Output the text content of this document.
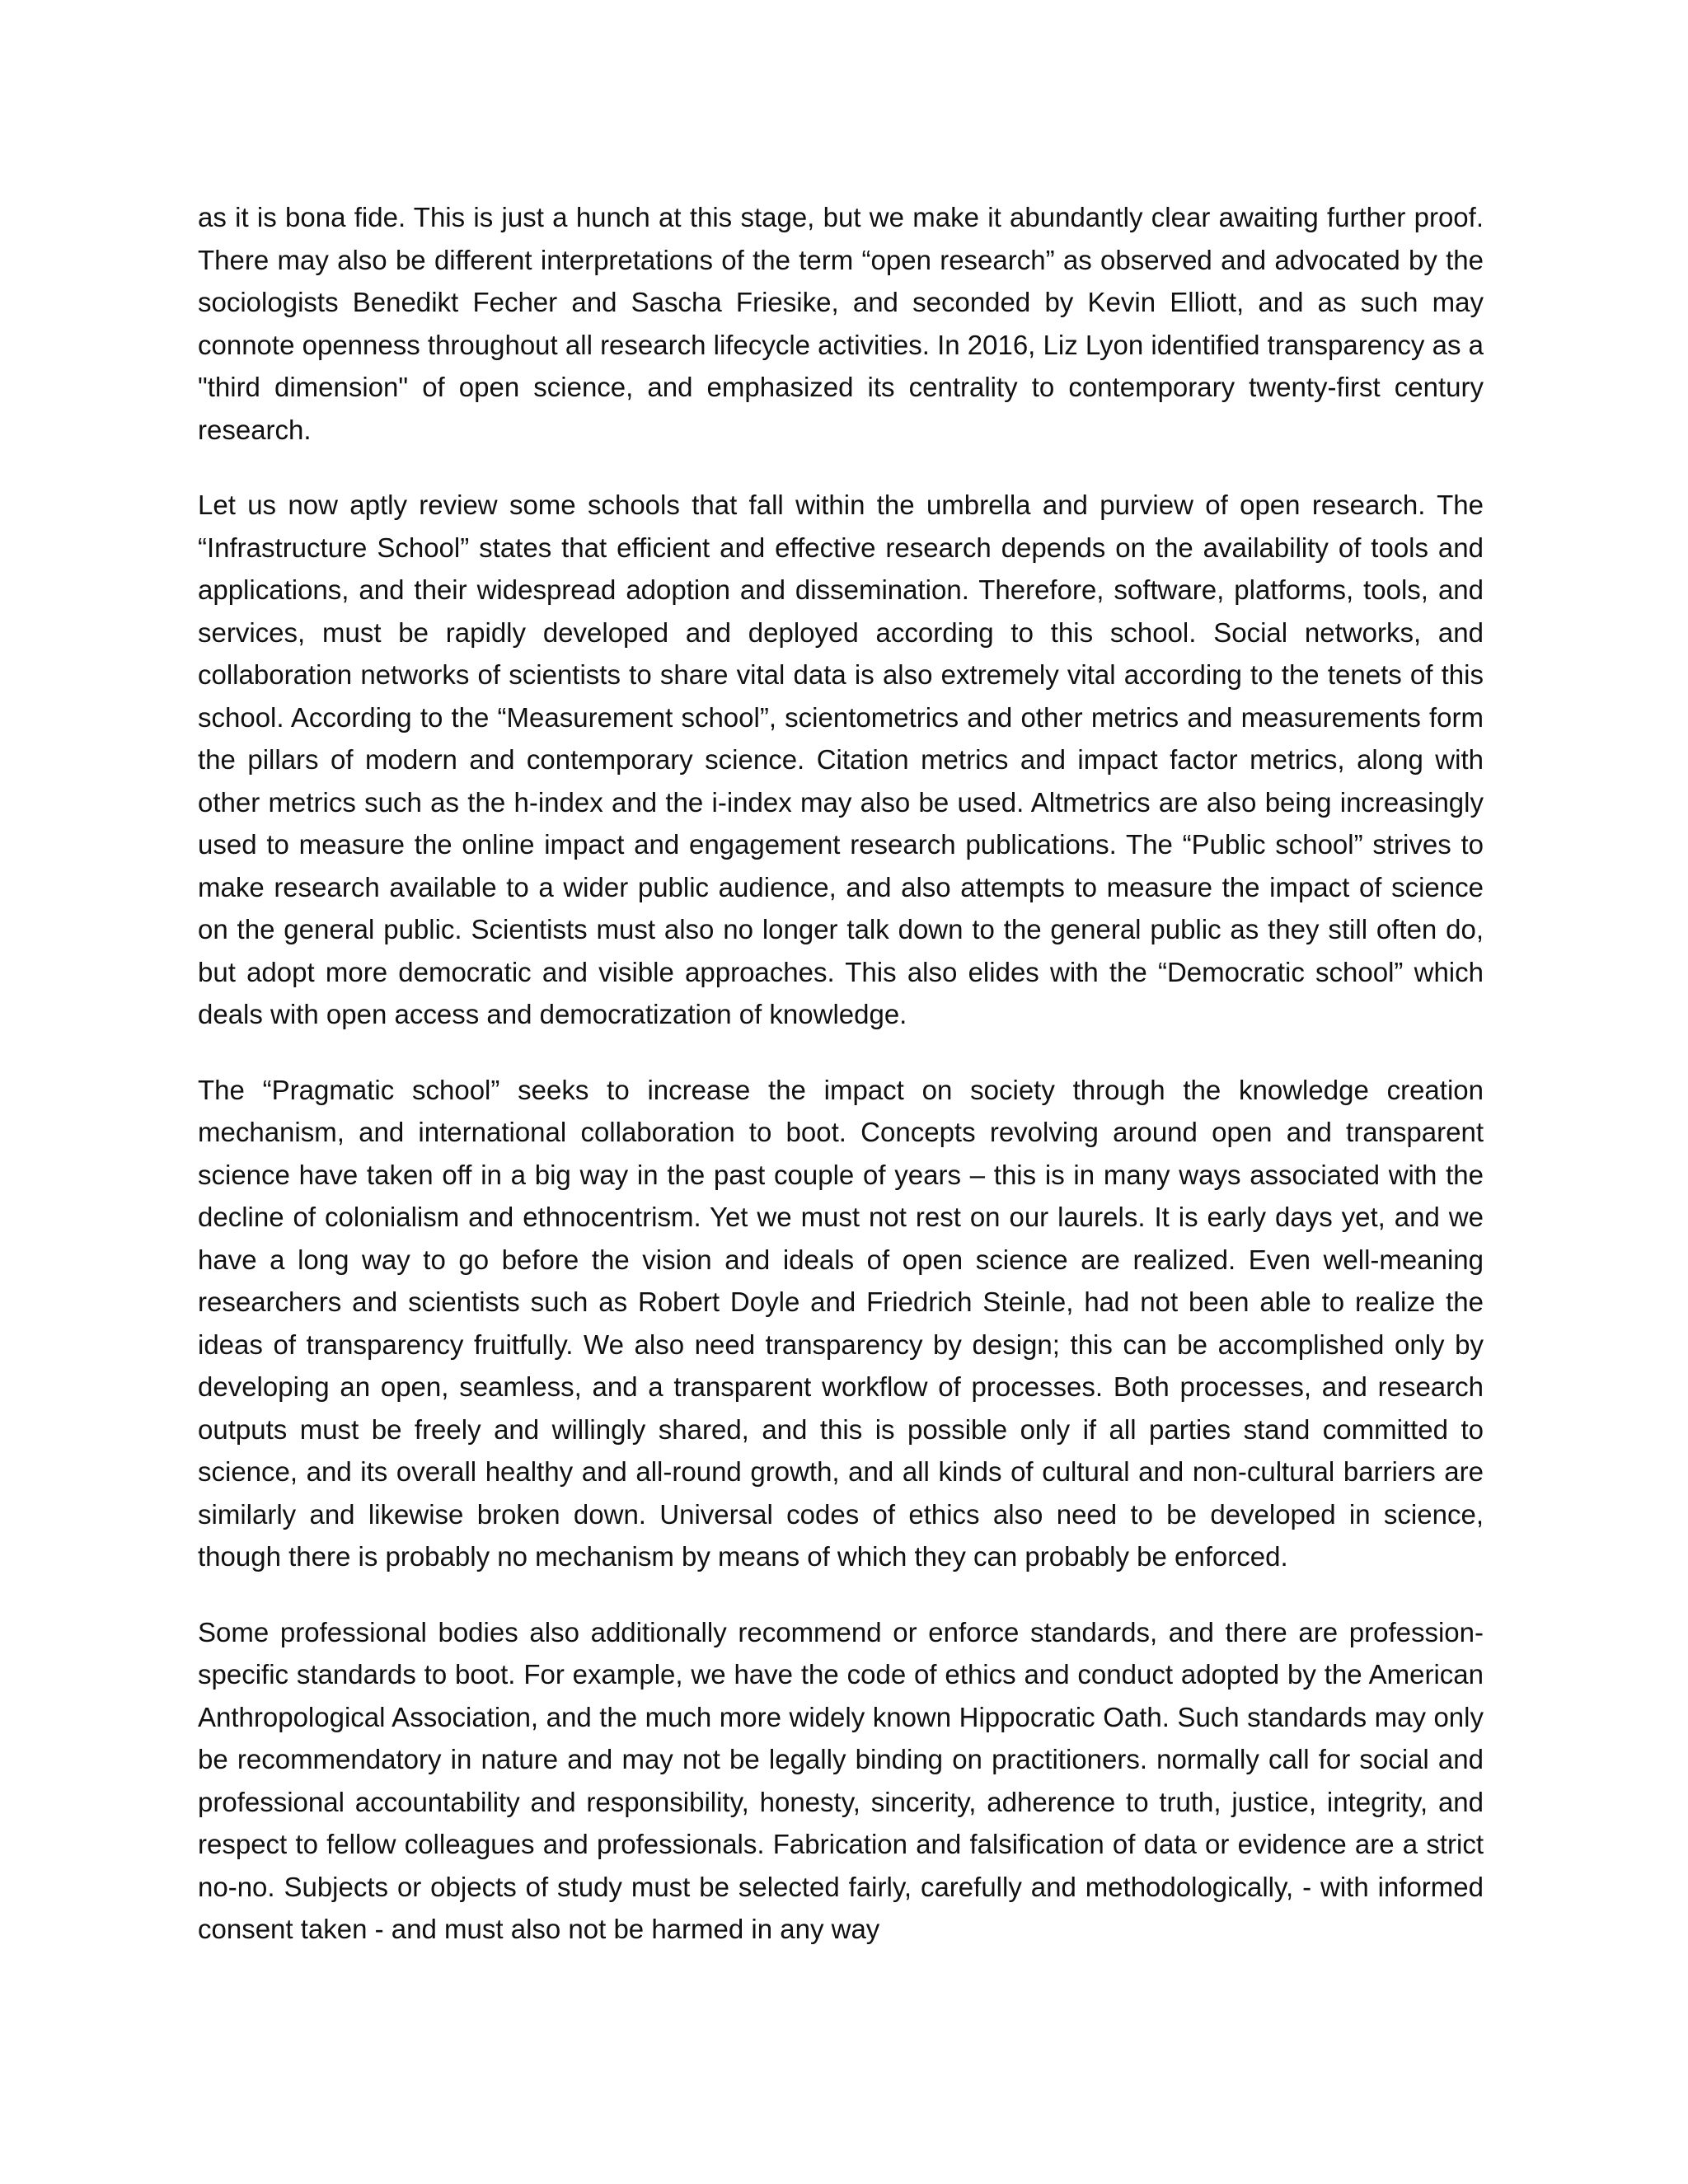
as it is bona fide. This is just a hunch at this stage, but we make it abundantly clear awaiting further proof. There may also be different interpretations of the term “open research” as observed and advocated by the sociologists Benedikt Fecher and Sascha Friesike, and seconded by Kevin Elliott, and as such may connote openness throughout all research lifecycle activities. In 2016, Liz Lyon identified transparency as a "third dimension" of open science, and emphasized its centrality to contemporary twenty-first century research.

Let us now aptly review some schools that fall within the umbrella and purview of open research. The “Infrastructure School” states that efficient and effective research depends on the availability of tools and applications, and their widespread adoption and dissemination. Therefore, software, platforms, tools, and services, must be rapidly developed and deployed according to this school. Social networks, and collaboration networks of scientists to share vital data is also extremely vital according to the tenets of this school. According to the “Measurement school”, scientometrics and other metrics and measurements form the pillars of modern and contemporary science. Citation metrics and impact factor metrics, along with other metrics such as the h-index and the i-index may also be used. Altmetrics are also being increasingly used to measure the online impact and engagement research publications. The “Public school” strives to make research available to a wider public audience, and also attempts to measure the impact of science on the general public. Scientists must also no longer talk down to the general public as they still often do, but adopt more democratic and visible approaches. This also elides with the “Democratic school” which deals with open access and democratization of knowledge.

The “Pragmatic school” seeks to increase the impact on society through the knowledge creation mechanism, and international collaboration to boot. Concepts revolving around open and transparent science have taken off in a big way in the past couple of years – this is in many ways associated with the decline of colonialism and ethnocentrism. Yet we must not rest on our laurels. It is early days yet, and we have a long way to go before the vision and ideals of open science are realized. Even well-meaning researchers and scientists such as Robert Doyle and Friedrich Steinle, had not been able to realize the ideas of transparency fruitfully. We also need transparency by design; this can be accomplished only by developing an open, seamless, and a transparent workflow of processes. Both processes, and research outputs must be freely and willingly shared, and this is possible only if all parties stand committed to science, and its overall healthy and all-round growth, and all kinds of cultural and non-cultural barriers are similarly and likewise broken down. Universal codes of ethics also need to be developed in science, though there is probably no mechanism by means of which they can probably be enforced.

Some professional bodies also additionally recommend or enforce standards, and there are profession-specific standards to boot. For example, we have the code of ethics and conduct adopted by the American Anthropological Association, and the much more widely known Hippocratic Oath. Such standards may only be recommendatory in nature and may not be legally binding on practitioners. normally call for social and professional accountability and responsibility, honesty, sincerity, adherence to truth, justice, integrity, and respect to fellow colleagues and professionals. Fabrication and falsification of data or evidence are a strict no-no. Subjects or objects of study must be selected fairly, carefully and methodologically, - with informed consent taken - and must also not be harmed in any way
